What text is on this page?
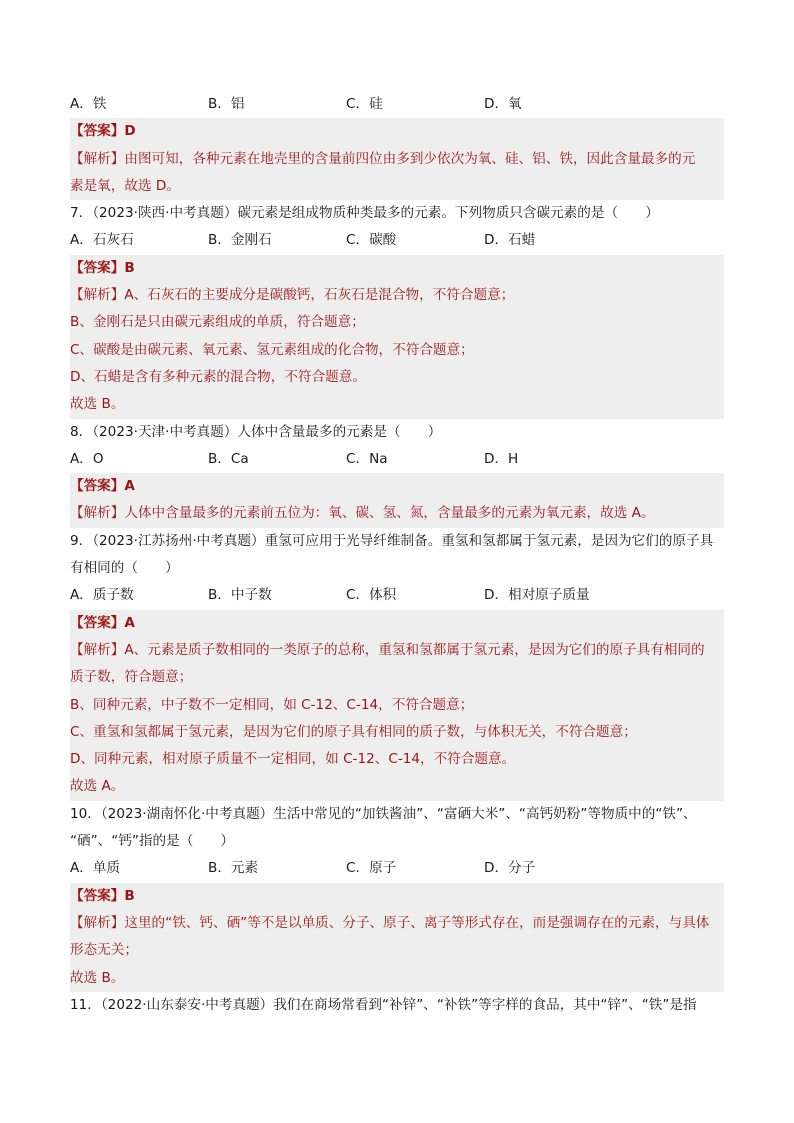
A．铁	B．铝	C．硅	D．氧
【答案】D
【解析】由图可知，各种元素在地壳里的含量前四位由多到少依次为氧、硅、铝、铁，因此含量最多的元
素是氧，故选 D。
7．（2023·陕西·中考真题）碳元素是组成物质种类最多的元素。下列物质只含碳元素的是（　　）
A．石灰石	B．金刚石	C．碳酸	D．石蜡
【答案】B
【解析】A、石灰石的主要成分是碳酸钙，石灰石是混合物，不符合题意；
B、金刚石是只由碳元素组成的单质，符合题意；
C、碳酸是由碳元素、氧元素、氢元素组成的化合物，不符合题意；
D、石蜡是含有多种元素的混合物，不符合题意。
故选 B。
8．（2023·天津·中考真题）人体中含量最多的元素是（　　）
A．O	B．Ca	C．Na	D．H
【答案】A
【解析】人体中含量最多的元素前五位为：氧、碳、氢、氮，含量最多的元素为氧元素，故选 A。
9．（2023·江苏扬州·中考真题）重氢可应用于光导纤维制备。重氢和氢都属于氢元素，是因为它们的原子具
有相同的（　　）
A．质子数	B．中子数	C．体积	D．相对原子质量
【答案】A
【解析】A、元素是质子数相同的一类原子的总称，重氢和氢都属于氢元素，是因为它们的原子具有相同的
质子数，符合题意；
B、同种元素，中子数不一定相同，如 C-12、C-14，不符合题意；
C、重氢和氢都属于氢元素，是因为它们的原子具有相同的质子数，与体积无关，不符合题意；
D、同种元素，相对原子质量不一定相同，如 C-12、C-14，不符合题意。
故选 A。
10．（2023·湖南怀化·中考真题）生活中常见的“加铁酱油”、“富硒大米”、“高钙奶粉”等物质中的“铁”、
“硒”、“钙”指的是（　　）
A．单质	B．元素	C．原子	D．分子
【答案】B
【解析】这里的“铁、钙、硒”等不是以单质、分子、原子、离子等形式存在，而是强调存在的元素，与具体
形态无关；
故选 B。
11．（2022·山东泰安·中考真题）我们在商场常看到“补锌”、“补铁”等字样的食品，其中“锌”、“铁”是指
